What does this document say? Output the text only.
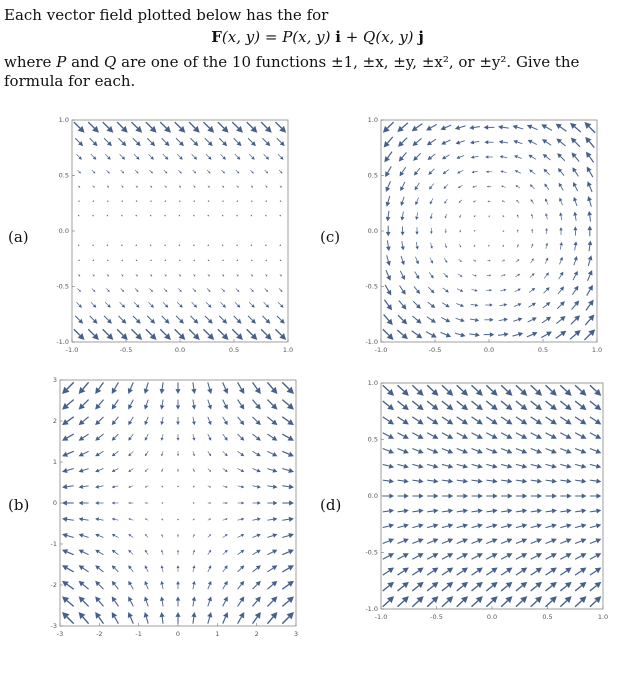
Each vector field plotted below has the for
F(x, y) = P(x, y) i + Q(x, y) j
where P and Q are one of the 10 functions ±1, ±x, ±y, ±x², or ±y². Give the formula for each.
(a)
-1.0	-0.5	0.0	0.5	1.0
1.0
0.5
0.0
-0.5
-1.0
(c)
-1.0	-0.5	0.0	0.5	1.0
1.0
0.5
0.0
-0.5
-1.0
(b)
-3	-2	-1	0	1	2	3
3
2
1
0
-1
-2
-3
(d)
-1.0	-0.5	0.0	0.5	1.0
1.0
0.5
0.0
-0.5
-1.0
